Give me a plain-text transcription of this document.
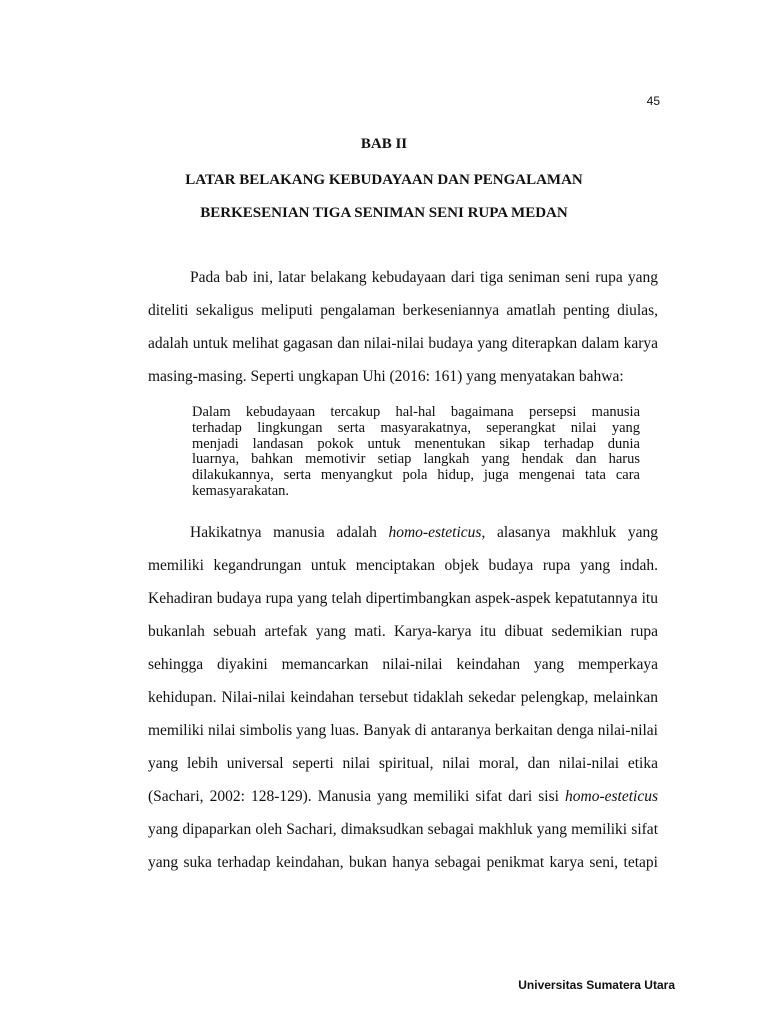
45
BAB II
LATAR BELAKANG KEBUDAYAAN DAN PENGALAMAN
BERKESENIAN TIGA SENIMAN SENI RUPA MEDAN
Pada bab ini, latar belakang kebudayaan dari tiga seniman seni rupa yang
diteliti sekaligus meliputi pengalaman berkeseniannya amatlah penting diulas,
adalah untuk melihat gagasan dan nilai-nilai budaya yang diterapkan dalam karya
masing-masing. Seperti ungkapan Uhi (2016: 161) yang menyatakan bahwa:
Dalam kebudayaan tercakup hal-hal bagaimana persepsi manusia
terhadap lingkungan serta masyarakatnya, seperangkat nilai yang
menjadi landasan pokok untuk menentukan sikap terhadap dunia
luarnya, bahkan memotivir setiap langkah yang hendak dan harus
dilakukannya, serta menyangkut pola hidup, juga mengenai tata cara
kemasyarakatan.
Hakikatnya manusia adalah homo-esteticus, alasanya makhluk yang
memiliki kegandrungan untuk menciptakan objek budaya rupa yang indah.
Kehadiran budaya rupa yang telah dipertimbangkan aspek-aspek kepatutannya itu
bukanlah sebuah artefak yang mati. Karya-karya itu dibuat sedemikian rupa
sehingga diyakini memancarkan nilai-nilai keindahan yang memperkaya
kehidupan. Nilai-nilai keindahan tersebut tidaklah sekedar pelengkap, melainkan
memiliki nilai simbolis yang luas. Banyak di antaranya berkaitan denga nilai-nilai
yang lebih universal seperti nilai spiritual, nilai moral, dan nilai-nilai etika
(Sachari, 2002: 128-129). Manusia yang memiliki sifat dari sisi homo-esteticus
yang dipaparkan oleh Sachari, dimaksudkan sebagai makhluk yang memiliki sifat
yang suka terhadap keindahan, bukan hanya sebagai penikmat karya seni, tetapi
Universitas Sumatera Utara
